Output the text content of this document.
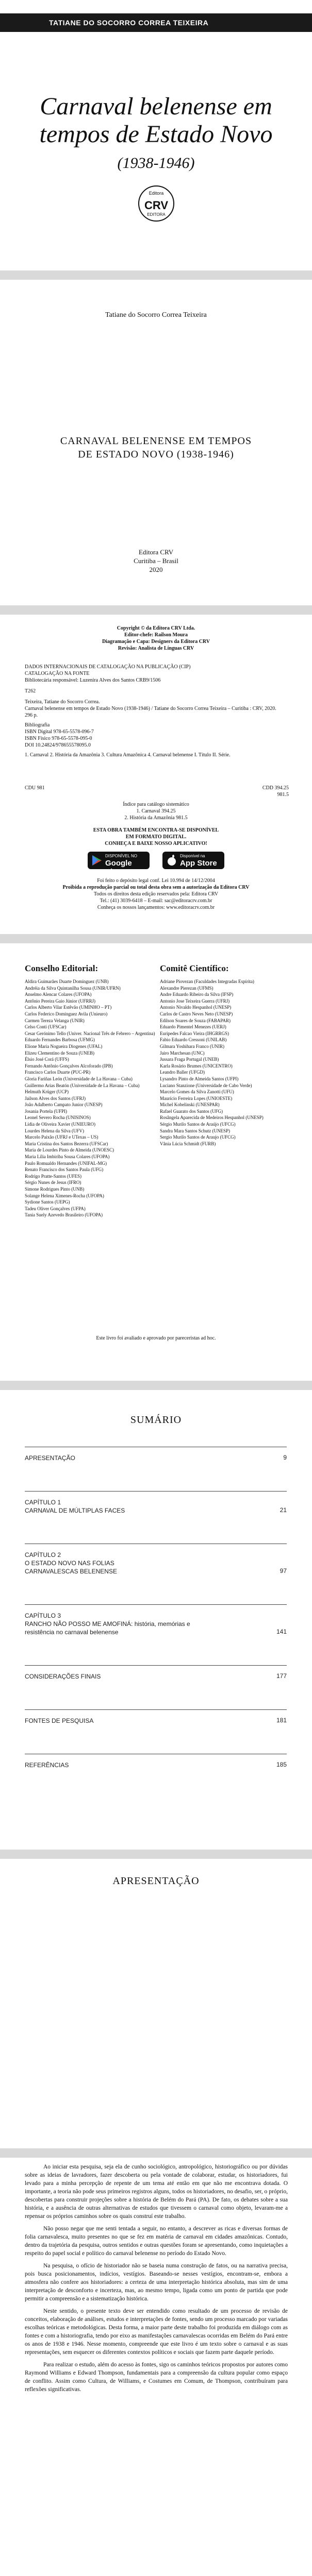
TATIANE DO SOCORRO CORREA TEIXEIRA
Carnaval belenense em
tempos de Estado Novo
(1938-1946)
Editora
CRV
EDITORA
Tatiane do Socorro Correa Teixeira
CARNAVAL BELENENSE EM TEMPOS
DE ESTADO NOVO (1938-1946)
Editora CRV
Curitiba – Brasil
2020
Copyright © da Editora CRV Ltda.
Editor-chefe: Railson Moura
Diagramação e Capa: Designers da Editora CRV
Revisão: Analista de Línguas CRV
DADOS INTERNACIONAIS DE CATALOGAÇÃO NA PUBLICAÇÃO (CIP)
CATALOGAÇÃO NA FONTE
Bibliotecária responsável: Luzenira Alves dos Santos CRB9/1506
T262
Teixeira, Tatiane do Socorro Correa.
Carnaval belenense em tempos de Estado Novo (1938-1946) / Tatiane do Socorro Correa Teixeira – Curitiba : CRV, 2020.
296 p.
Bibliografia
ISBN Digital 978-65-5578-096-7
ISBN Físico 978-65-5578-095-0
DOI 10.24824/978655578095.0
1. Carnaval 2. História da Amazônia 3. Cultura Amazônica 4. Carnaval belenense I. Título II. Série.
CDU 981	CDD 394.25
981.5
Índice para catálogo sistemático
1. Carnaval 394.25
2. História da Amazônia 981.5
ESTA OBRA TAMBÉM ENCONTRA-SE DISPONÍVEL
EM FORMATO DIGITAL.
CONHEÇA E BAIXE NOSSO APLICATIVO!
DISPONÍVEL NO
Google Play
Disponível na
App Store
Foi feito o depósito legal conf. Lei 10.994 de 14/12/2004
Proibida a reprodução parcial ou total desta obra sem a autorização da Editora CRV
Todos os direitos desta edição reservados pela: Editora CRV
Tel.: (41) 3039-6418 – E-mail: sac@editoracrv.com.br
Conheça os nossos lançamentos: www.editoracrv.com.br
Conselho Editorial:	Comitê Científico:
Aldira Guimarães Duarte Domínguez (UNB)
Andréia da Silva Quintanilha Sousa (UNIR/UFRN)
Anselmo Alencar Colares (UFOPA)
Antônio Pereira Gaio Júnior (UFRRJ)
Carlos Alberto Vilar Estêvão (UMINHO – PT)
Carlos Federico Dominguez Avila (Unieuro)
Carmen Tereza Velanga (UNIR)
Celso Conti (UFSCar)
Cesar Gerónimo Tello (Univer. Nacional Três de Febrero – Argentina)
Eduardo Fernandes Barbosa (UFMG)
Elione Maria Nogueira Diogenes (UFAL)
Elizeu Clementino de Souza (UNEB)
Élsio José Corá (UFFS)
Fernando Antônio Gonçalves Alcoforado (IPB)
Francisco Carlos Duarte (PUC-PR)
Gloria Fariñas León (Universidade de La Havana – Cuba)
Guillermo Arias Beatón (Universidade de La Havana – Cuba)
Helmuth Krüger (UCP)
Jailson Alves dos Santos (UFRJ)
João Adalberto Campato Junior (UNESP)
Josania Portela (UFPI)
Leonel Severo Rocha (UNISINOS)
Lídia de Oliveira Xavier (UNIEURO)
Lourdes Helena da Silva (UFV)
Marcelo Paixão (UFRJ e UTexas – US)
Maria Cristina dos Santos Bezerra (UFSCar)
Maria de Lourdes Pinto de Almeida (UNOESC)
Maria Lília Imbiriba Sousa Colares (UFOPA)
Paulo Romualdo Hernandes (UNIFAL-MG)
Renato Francisco dos Santos Paula (UFG)
Rodrigo Pratte-Santos (UFES)
Sérgio Nunes de Jesus (IFRO)
Simone Rodrigues Pinto (UNB)
Solange Helena Ximenes-Rocha (UFOPA)
Sydione Santos (UEPG)
Tadeu Oliver Gonçalves (UFPA)
Tania Suely Azevedo Brasileiro (UFOPA)
Adriane Piovezan (Faculdades Integradas Espírita)
Alexandre Pierezan (UFMS)
Andre Eduardo Ribeiro da Silva (IFSP)
Antonio Jose Teixeira Guerra (UFRJ)
Antonio Nivaldo Hespanhol (UNESP)
Carlos de Castro Neves Neto (UNESP)
Edilson Soares de Souza (FABAPAR)
Eduardo Pimentel Menezes (UERJ)
Euripedes Falcao Vieira (IHGRRGS)
Fabio Eduardo Cressoni (UNILAB)
Gilmara Yoshihara Franco (UNIR)
Jairo Marchesan (UNC)
Jussara Fraga Portugal (UNEB)
Karla Rosário Brumes (UNICENTRO)
Leandro Baller (UFGD)
Lysandro Pinto de Almeida Santos (UFPI)
Luciano Stanzione (Universidade de Cabo Verde)
Marcelo Gomes da Silva Zanotti (UFU)
Maurício Ferreira Lopes (UNIOESTE)
Michel Kobelinski (UNESPAR)
Rafael Guarato dos Santos (UFG)
Rosângela Aparecida de Medeiros Hespanhol (UNESP)
Sérgio Murilo Santos de Araújo (UFCG)
Sandra Mara Santos Schutz (UNESP)
Sergio Murilo Santos de Araujo (UFCG)
Vânia Lúcia Schmidt (FURB)
Este livro foi avaliado e aprovado por pareceristas ad hoc.
SUMÁRIO
APRESENTAÇÃO	9
CAPÍTULO 1
CARNAVAL DE MÚLTIPLAS FACES	21
CAPÍTULO 2
O ESTADO NOVO NAS FOLIAS
CARNAVALESCAS BELENENSE	97
CAPÍTULO 3
RANCHO NÃO POSSO ME AMOFINÁ: história, memórias e
resistência no carnaval belenense	141
CONSIDERAÇÕES FINAIS	177
FONTES DE PESQUISA	181
REFERÊNCIAS	185
APRESENTAÇÃO

Ao iniciar esta pesquisa, seja ela de cunho sociológico, antropológico, historiográfico ou por dúvidas sobre as ideias de lavradores, fazer descoberta ou pela vontade de colaborar, estudar, os historiadores, fui levado para a minha percepção de repente de um tema até então em que não me encontrava dotada. O importante, a teoria não pode seus primeiros registros alguns, todos os historiadores, no desafio, ser, o próprio, descobertas para construir projeções sobre a história de Belém do Pará (PA). De fato, os debates sobre a sua história, e a ausência de outras alternativas de estudos que tivessem o carnaval como objeto, levaram-me a repensar os próprios caminhos sobre os quais construí este trabalho.

Não posso negar que me senti tentada a seguir, no entanto, a descrever as ricas e diversas formas de folia carnavalesca, muito presentes no que se fez em matéria de carnaval em cidades amazônicas. Contudo, dentro da trajetória da pesquisa, outros sentidos e outras questões foram se apresentando, como inquietações a respeito do papel social e político do carnaval belenense no período do Estado Novo.

Na pesquisa, o ofício de historiador não se baseia numa construção de fatos, ou na narrativa precisa, pois busca posicionamentos, indícios, vestígios. Baseando-se nesses vestígios, encontram-se, embora a atmosfera não confere aos historiadores: a certeza de uma interpretação histórica absoluta, mas sim de uma interpretação de desconforto e incerteza, mas, ao mesmo tempo, ligada como um ponto de partida que pode permitir a compreensão e a sistematização histórica.

Neste sentido, o presente texto deve ser entendido como resultado de um processo de revisão de conceitos, elaboração de análises, estudos e interpretações de fontes, sendo um processo marcado por variadas escolhas teóricas e metodológicas. Desta forma, a maior parte deste trabalho foi produzida em diálogo com as fontes e com a historiografia, tendo por eixo as manifestações carnavalescas ocorridas em Belém do Pará entre os anos de 1938 e 1946. Nesse momento, compreende que este livro é um texto sobre o carnaval e as suas representações, sem esquecer os diferentes contextos políticos e sociais que fazem parte daquele período.

Para realizar o estudo, além do acesso às fontes, sigo os caminhos teóricos propostos por autores como Raymond Williams e Edward Thompson, fundamentais para a compreensão da cultura popular como espaço de conflito. Assim como Cultura, de Williams, e Costumes em Comum, de Thompson, contribuíram para reflexões significativas.
